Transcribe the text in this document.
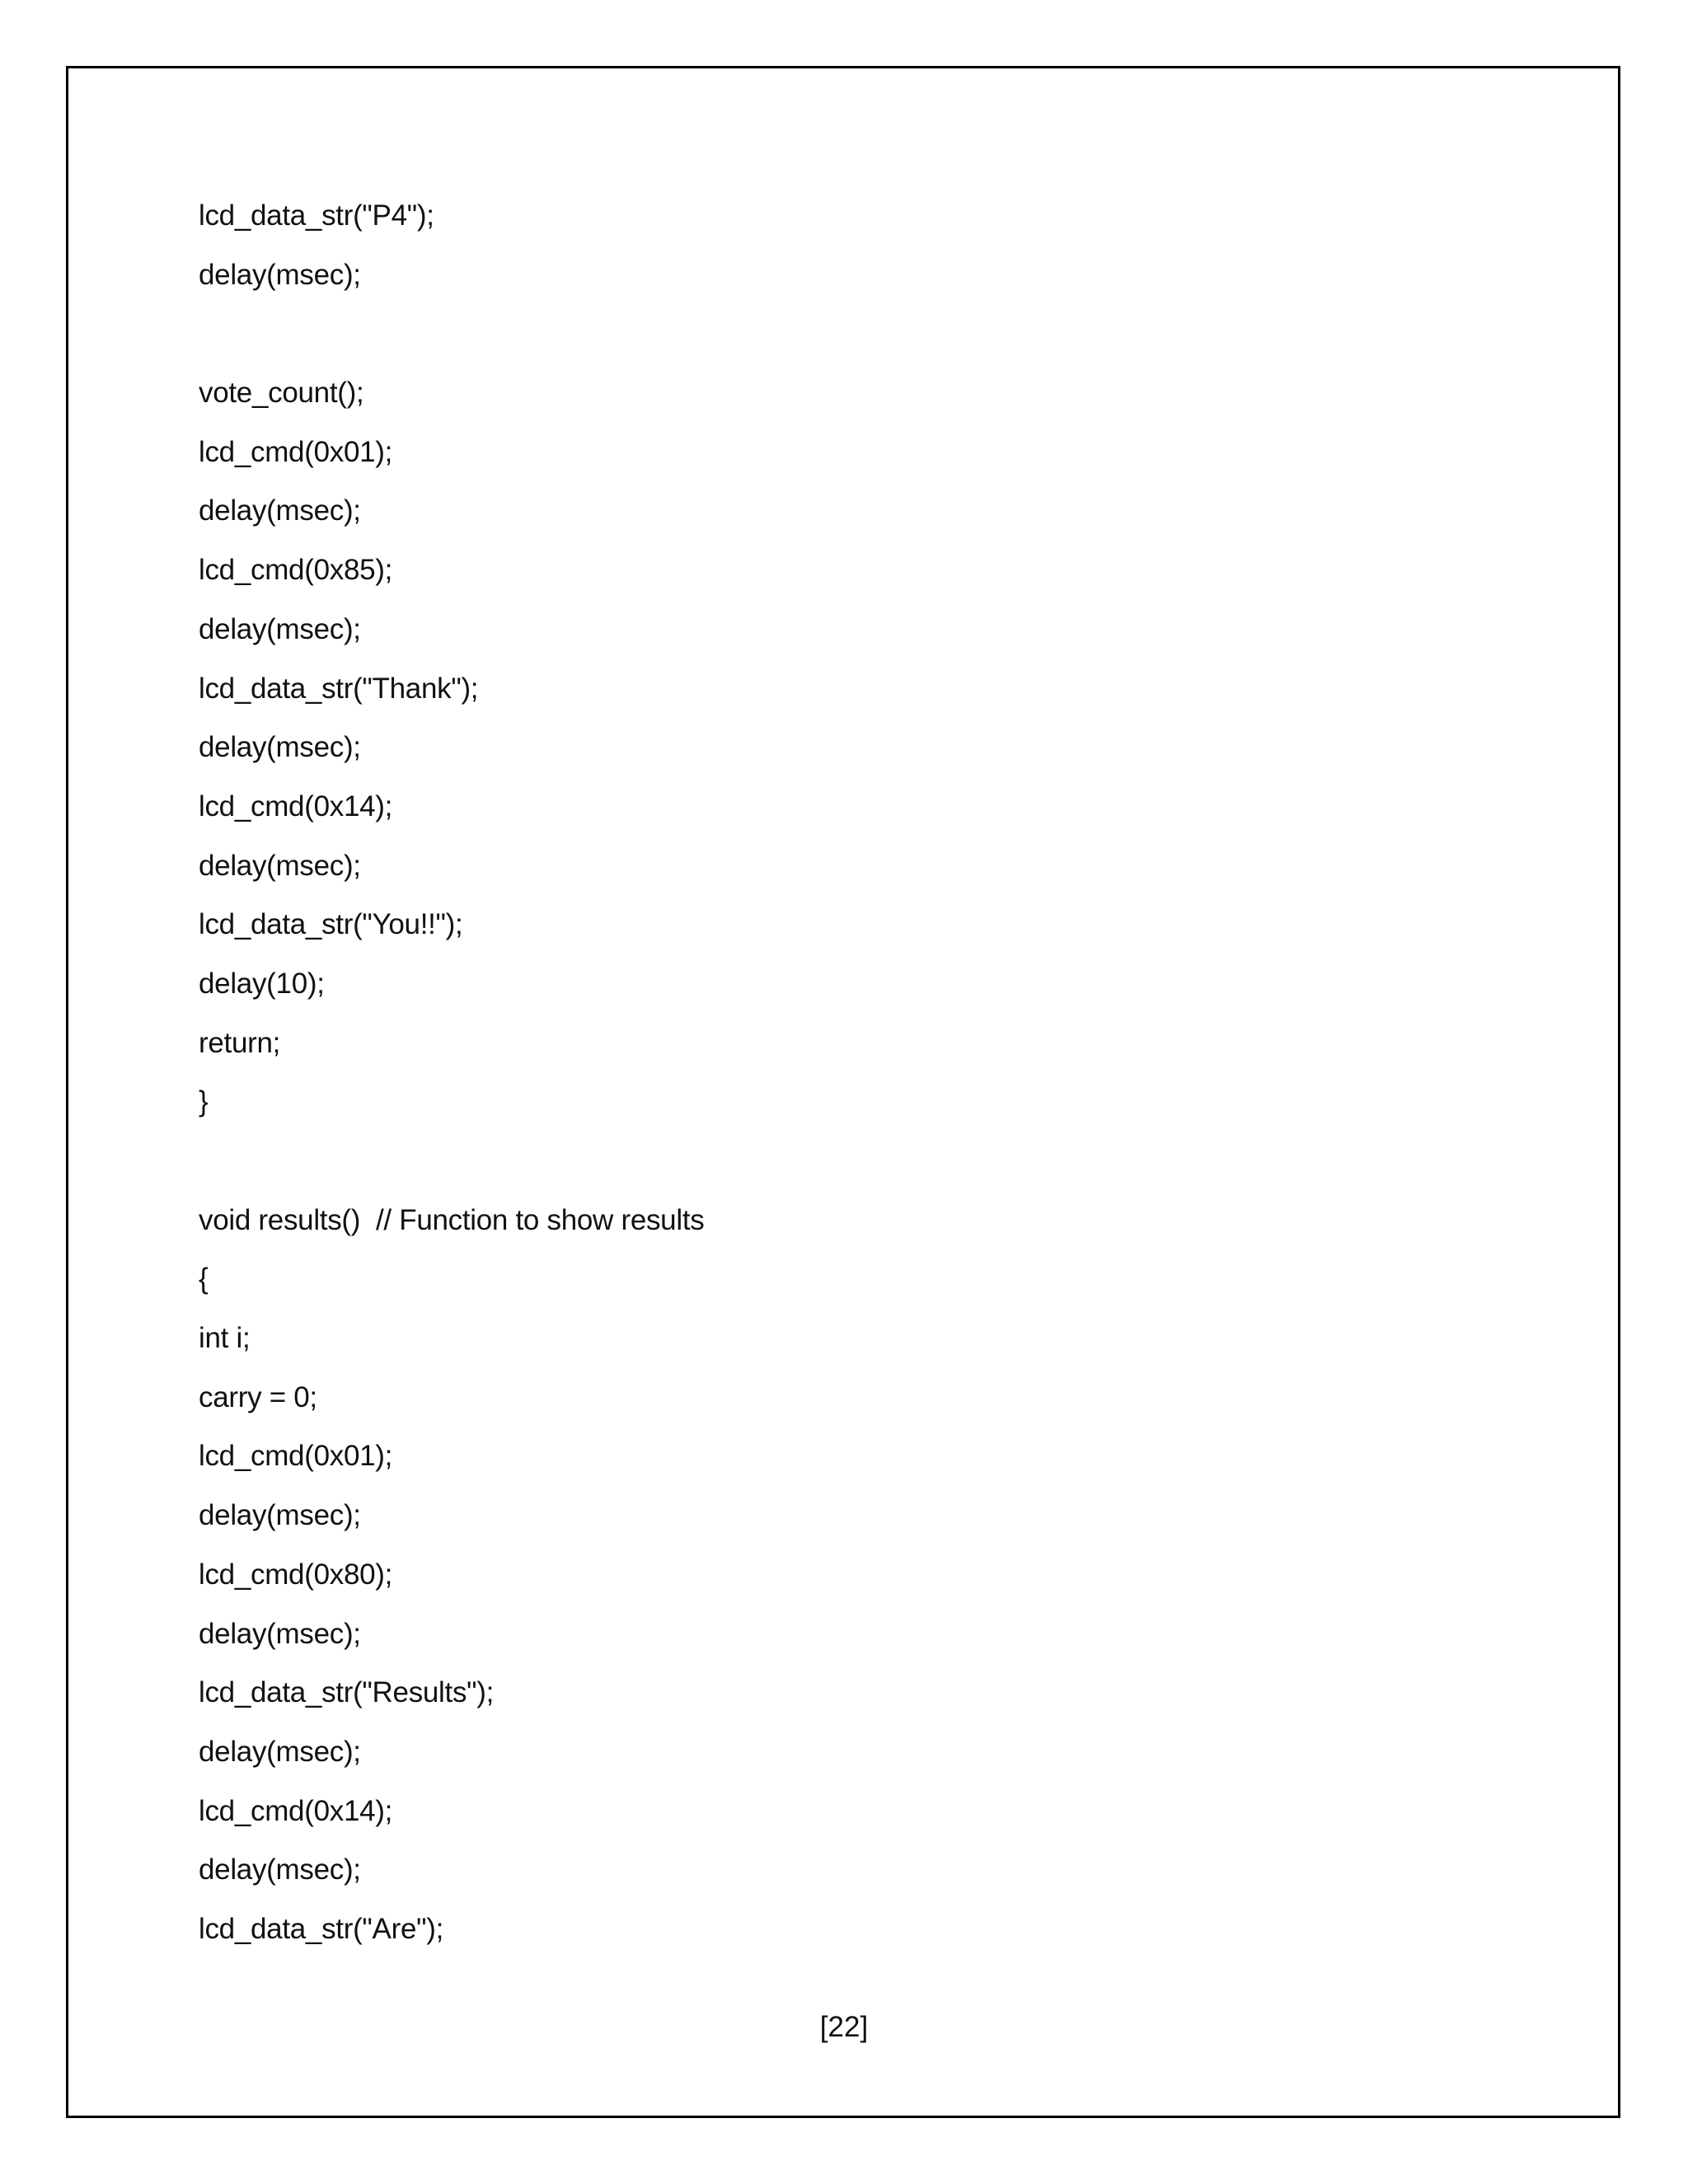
lcd_data_str("P4");
delay(msec);
vote_count();
lcd_cmd(0x01);
delay(msec);
lcd_cmd(0x85);
delay(msec);
lcd_data_str("Thank");
delay(msec);
lcd_cmd(0x14);
delay(msec);
lcd_data_str("You!!");
delay(10);
return;
}
void results()  // Function to show results
{
int i;
carry = 0;
lcd_cmd(0x01);
delay(msec);
lcd_cmd(0x80);
delay(msec);
lcd_data_str("Results");
delay(msec);
lcd_cmd(0x14);
delay(msec);
lcd_data_str("Are");
[22]
